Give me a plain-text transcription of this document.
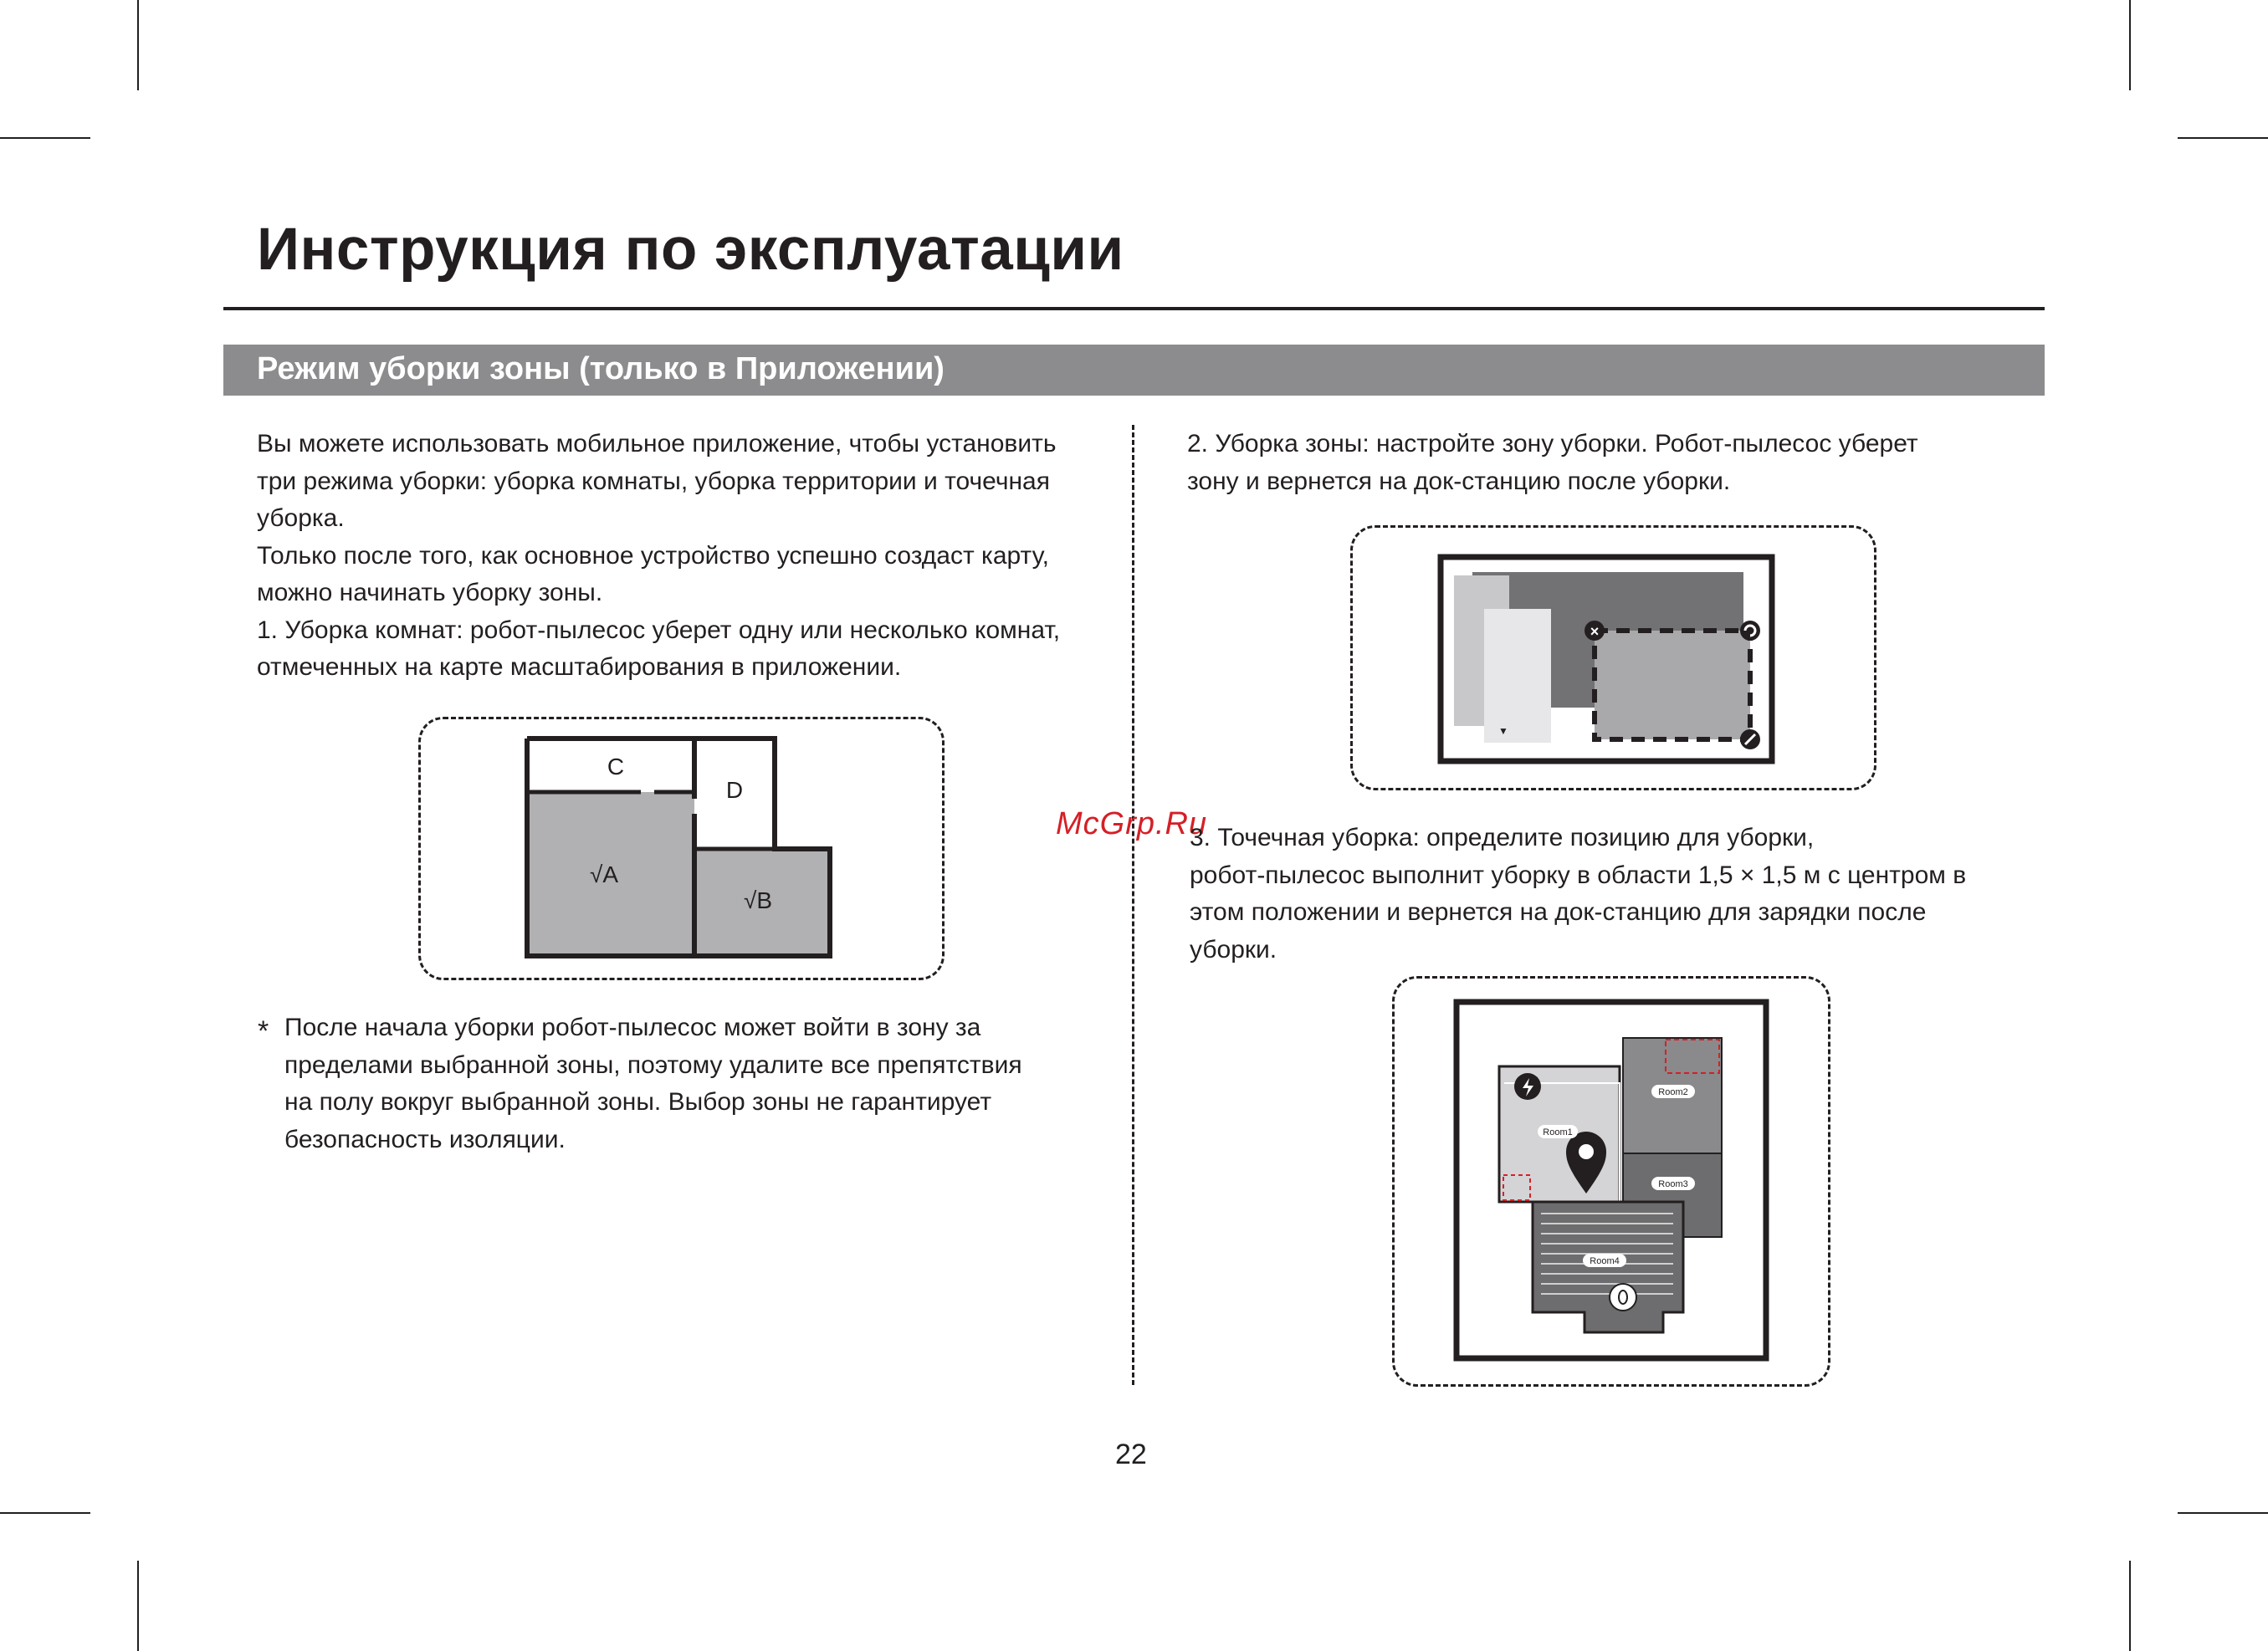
Инструкция по эксплуатации
Режим уборки зоны (только в Приложении)
Вы можете использовать мобильное приложение, чтобы установить
три режима уборки: уборка комнаты, уборка территории и точечная
уборка.
Только после того, как основное устройство успешно создаст карту,
можно начинать уборку зоны.
1. Уборка комнат: робот-пылесос уберет одну или несколько комнат,
отмеченных на карте масштабирования в приложении.
C
D
√A
√B
* После начала уборки робот-пылесос может войти в зону за
пределами выбранной зоны, поэтому удалите все препятствия
на полу вокруг выбранной зоны. Выбор зоны не гарантирует
безопасность изоляции.
2. Уборка зоны: настройте зону уборки. Робот-пылесос уберет
зону и вернется на док-станцию после уборки.
▼
×
McGrp.Ru
3. Точечная уборка: определите позицию для уборки,
робот-пылесос выполнит уборку в области 1,5 × 1,5 м с центром в
этом положении и вернется на док-станцию для зарядки после
уборки.
Room1
Room2
Room3
Room4
22
